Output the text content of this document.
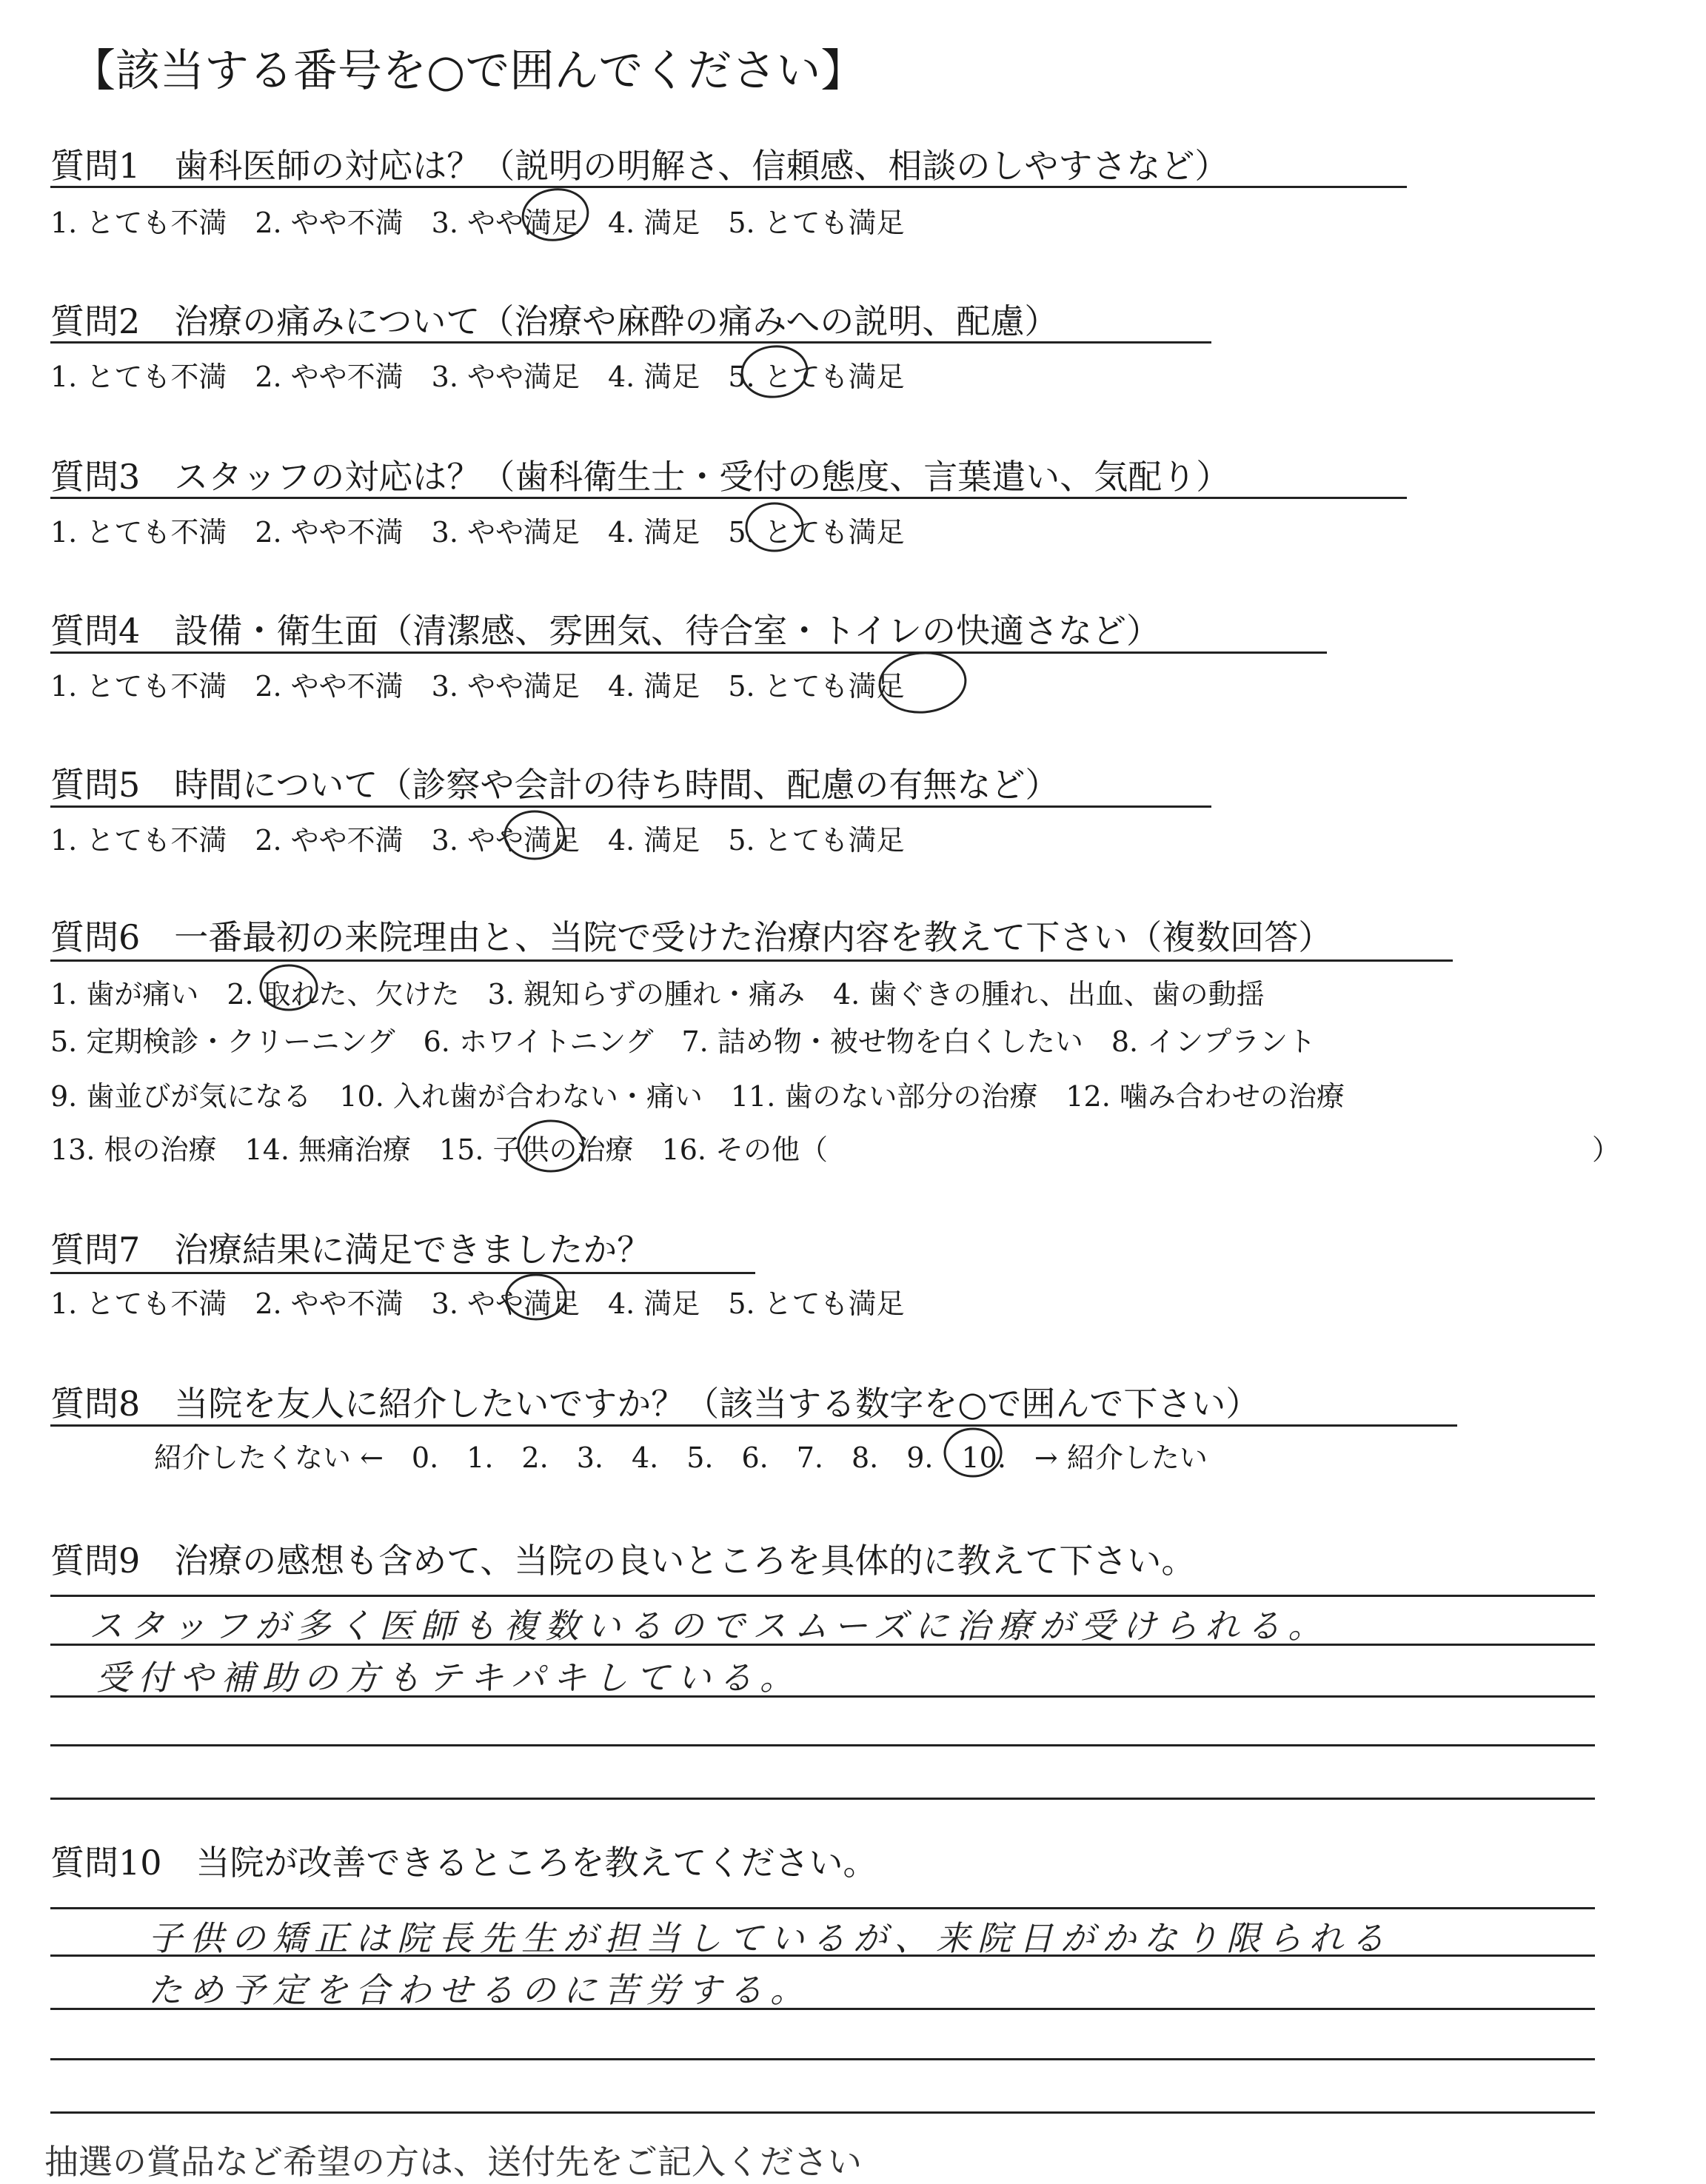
【該当する番号を○で囲んでください】
質問1　歯科医師の対応は？（説明の明解さ、信頼感、相談のしやすさなど）
1. とても不満　2. やや不満　3. やや満足　4. 満足　5. とても満足
質問2　治療の痛みについて（治療や麻酔の痛みへの説明、配慮）
1. とても不満　2. やや不満　3. やや満足　4. 満足　5. とても満足
質問3　スタッフの対応は？（歯科衛生士・受付の態度、言葉遣い、気配り）
1. とても不満　2. やや不満　3. やや満足　4. 満足　5. とても満足
質問4　設備・衛生面（清潔感、雰囲気、待合室・トイレの快適さなど）
1. とても不満　2. やや不満　3. やや満足　4. 満足　5. とても満足
質問5　時間について（診察や会計の待ち時間、配慮の有無など）
1. とても不満　2. やや不満　3. やや満足　4. 満足　5. とても満足
質問6　一番最初の来院理由と、当院で受けた治療内容を教えて下さい（複数回答）
1. 歯が痛い　2. 取れた、欠けた　3. 親知らずの腫れ・痛み　4. 歯ぐきの腫れ、出血、歯の動揺
5. 定期検診・クリーニング　6. ホワイトニング　7. 詰め物・被せ物を白くしたい　8. インプラント
9. 歯並びが気になる　10. 入れ歯が合わない・痛い　11. 歯のない部分の治療　12. 噛み合わせの治療
13. 根の治療　14. 無痛治療　15. 子供の治療　16. その他（	）
質問7　治療結果に満足できましたか？
1. とても不満　2. やや不満　3. やや満足　4. 満足　5. とても満足
質問8　当院を友人に紹介したいですか？（該当する数字を○で囲んで下さい）
紹介したくない ←　0.　1.　2.　3.　4.　5.　6.　7.　8.　9.　10.　→ 紹介したい
質問9　治療の感想も含めて、当院の良いところを具体的に教えて下さい。
スタッフが多く医師も複数いるのでスムーズに治療が受けられる。
受付や補助の方もテキパキしている。
質問10　当院が改善できるところを教えてください。
子供の矯正は院長先生が担当しているが、来院日がかなり限られる
ため予定を合わせるのに苦労する。
抽選の賞品など希望の方は、送付先をご記入ください
